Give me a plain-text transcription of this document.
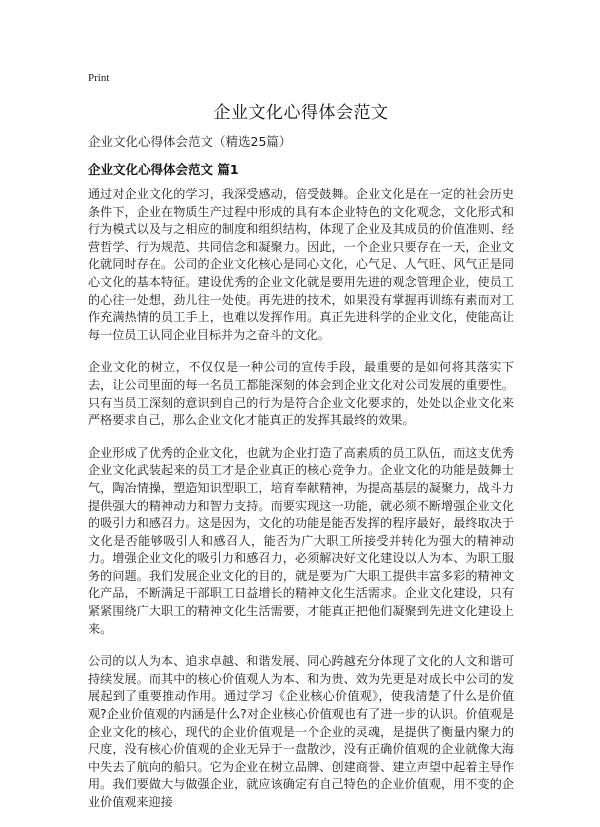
Print
企业文化心得体会范文
企业文化心得体会范文（精选25篇）
企业文化心得体会范文 篇1

通过对企业文化的学习，我深受感动，倍受鼓舞。企业文化是在一定的社会历史条件下，企业在物质生产过程中形成的具有本企业特色的文化观念，文化形式和行为模式以及与之相应的制度和组织结构，体现了企业及其成员的价值准则、经营哲学、行为规范、共同信念和凝聚力。因此，一个企业只要存在一天，企业文化就同时存在。公司的企业文化核心是同心文化，心气足、人气旺、风气正是同心文化的基本特征。建设优秀的企业文化就是要用先进的观念管理企业，使员工的心往一处想，劲儿往一处使。再先进的技术，如果没有掌握再训练有素而对工作充满热情的员工手上，也难以发挥作用。真正先进科学的企业文化，使能高让每一位员工认同企业目标并为之奋斗的文化。

企业文化的树立，不仅仅是一种公司的宣传手段，最重要的是如何将其落实下去，让公司里面的每一名员工都能深刻的体会到企业文化对公司发展的重要性。只有当员工深刻的意识到自己的行为是符合企业文化要求的，处处以企业文化来严格要求自己，那么企业文化才能真正的发挥其最终的效果。

企业形成了优秀的企业文化，也就为企业打造了高素质的员工队伍，而这支优秀企业文化武装起来的员工才是企业真正的核心竞争力。企业文化的功能是鼓舞士气，陶冶情操，塑造知识型职工，培育奉献精神，为提高基层的凝聚力，战斗力提供强大的精神动力和智力支持。而要实现这一功能，就必须不断增强企业文化的吸引力和感召力。这是因为，文化的功能是能否发挥的程序最好，最终取决于文化是否能够吸引人和感召人，能否为广大职工所接受并转化为强大的精神动力。增强企业文化的吸引力和感召力，必须解决好文化建设以人为本、为职工服务的问题。我们发展企业文化的目的，就是要为广大职工提供丰富多彩的精神文化产品，不断满足干部职工日益增长的精神文化生活需求。企业文化建设，只有紧紧围绕广大职工的精神文化生活需要，才能真正把他们凝聚到先进文化建设上来。

公司的以人为本、追求卓越、和谐发展、同心跨越充分体现了文化的人文和谐可持续发展。而其中的核心价值观人为本、和为贵、效为先更是对成长中公司的发展起到了重要推动作用。通过学习《企业核心价值观》，使我清楚了什么是价值观?企业价值观的内涵是什么?对企业核心价值观也有了进一步的认识。价值观是企业文化的核心，现代的企业价值观是一个企业的灵魂，是提供了衡量内聚力的尺度，没有核心价值观的企业无异于一盘散沙，没有正确价值观的企业就像大海中失去了航向的船只。它为企业在树立品牌、创建商誉、建立声望中起着主导作用。我们要做大与做强企业，就应该确定有自己特色的企业价值观，用不变的企业价值观来迎接
